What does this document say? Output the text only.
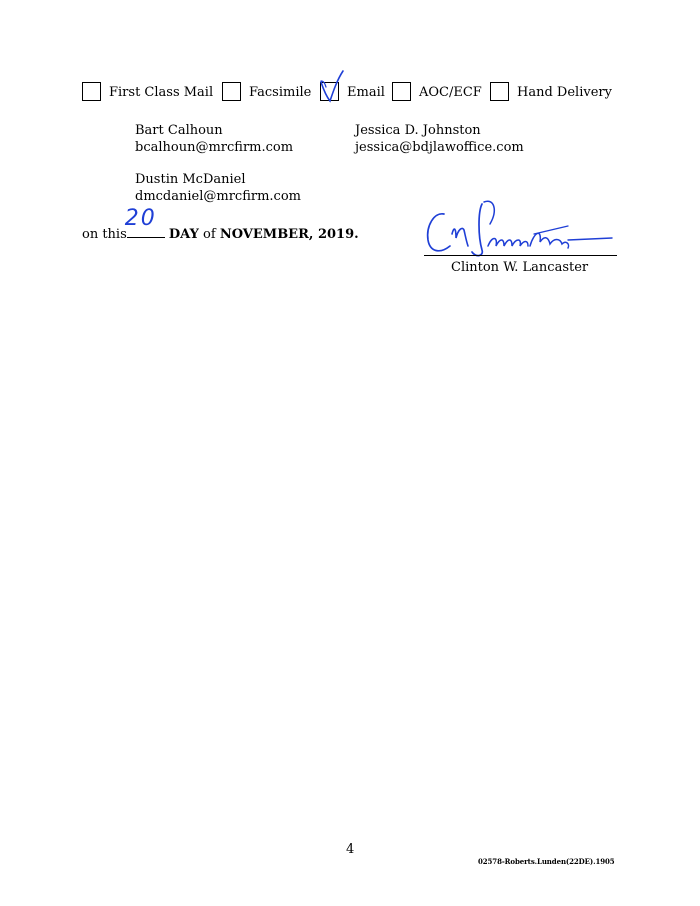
First Class Mail	Facsimile	Email	AOC/ECF	Hand Delivery
Bart Calhoun
bcalhoun@mrcfirm.com
Jessica D. Johnston
jessica@bdjlawoffice.com
Dustin McDaniel
dmcdaniel@mrcfirm.com
on this
20
DAY of NOVEMBER, 2019.
Clinton W. Lancaster
4
02578-Roberts.Lunden(22DE).1905
